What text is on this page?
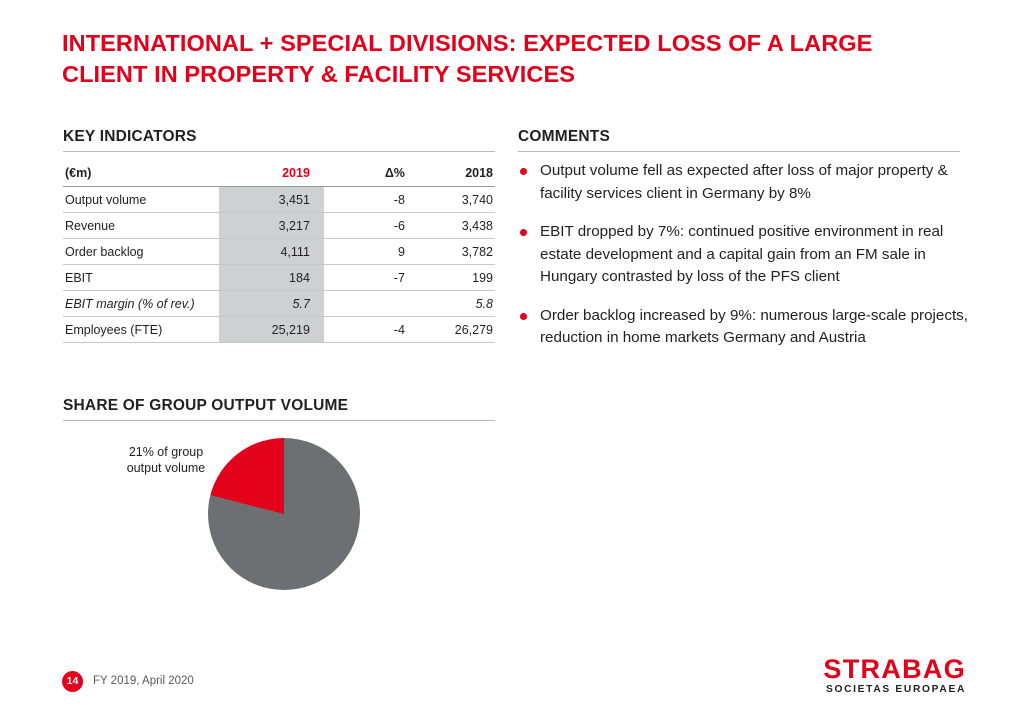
INTERNATIONAL + SPECIAL DIVISIONS: EXPECTED LOSS OF A LARGE CLIENT IN PROPERTY & FACILITY SERVICES
KEY INDICATORS
(€m)	2019	Δ%	2018
Output volume	3,451	-8	3,740
Revenue	3,217	-6	3,438
Order backlog	4,111	9	3,782
EBIT	184	-7	199
EBIT margin (% of rev.)	5.7		5.8
Employees (FTE)	25,219	-4	26,279
COMMENTS
Output volume fell as expected after loss of major property & facility services client in Germany by 8%
EBIT dropped by 7%: continued positive environment in real estate development and a capital gain from an FM sale in Hungary contrasted by loss of the PFS client
Order backlog increased by 9%: numerous large-scale projects, reduction in home markets Germany and Austria
SHARE OF GROUP OUTPUT VOLUME
21% of group output volume
14	FY 2019, April 2020	STRABAG
SOCIETAS EUROPAEA
